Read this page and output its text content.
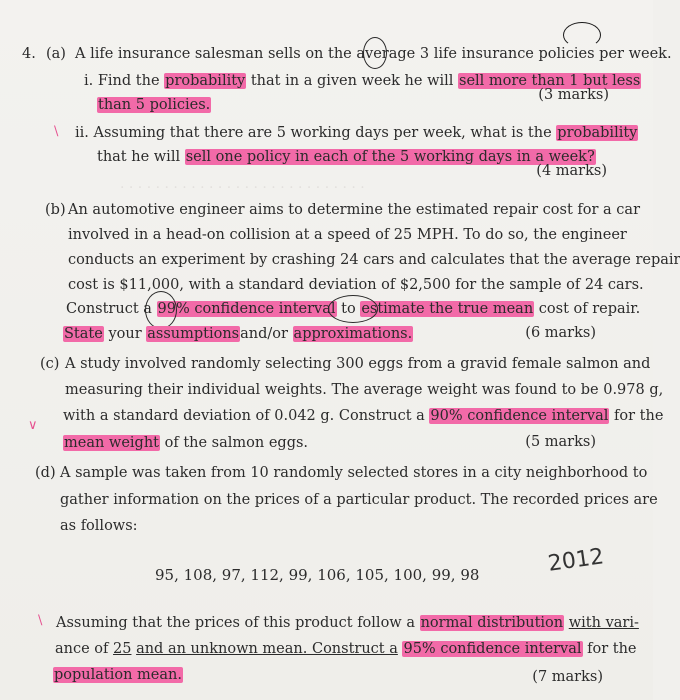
· · · · · · · · · · · · · · · · · · · · · · · · · · · ·
4. (a) A life insurance salesman sells on the average 3 life insurance policies per week.
i. Find the probability that in a given week he will sell more than 1 but less
than 5 policies.
(3 marks)
\ ii. Assuming that there are 5 working days per week, what is the probability
that he will sell one policy in each of the 5 working days in a week?
(4 marks)
(b) An automotive engineer aims to determine the estimated repair cost for a car
involved in a head-on collision at a speed of 25 MPH. To do so, the engineer
conducts an experiment by crashing 24 cars and calculates that the average repair
cost is $11,000, with a standard deviation of $2,500 for the sample of 24 cars.
Construct a 99% confidence interval to estimate the true mean cost of repair.
State your assumptionsand/or approximations.	(6 marks)
(c) A study involved randomly selecting 300 eggs from a gravid female salmon and
measuring their individual weights. The average weight was found to be 0.978 g,
with a standard deviation of 0.042 g. Construct a 90% confidence interval for the
mean weight of the salmon eggs.	(5 marks)
∨
(d) A sample was taken from 10 randomly selected stores in a city neighborhood to
gather information on the prices of a particular product. The recorded prices are
as follows:
95, 108, 97, 112, 99, 106, 105, 100, 99, 98	2012
\ Assuming that the prices of this product follow a normal distribution with vari-
ance of 25 and an unknown mean. Construct a 95% confidence interval for the
population mean.	(7 marks)
